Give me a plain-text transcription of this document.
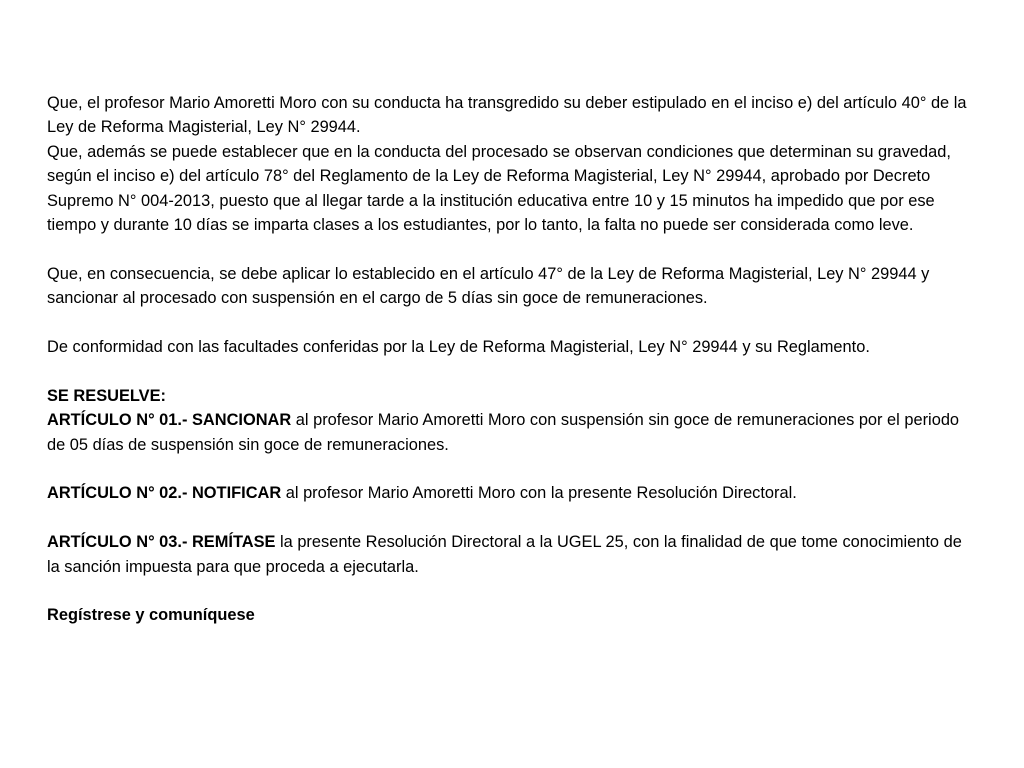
Que, el profesor Mario Amoretti Moro con su conducta ha transgredido su deber estipulado en el inciso e) del artículo 40° de la Ley de Reforma Magisterial, Ley N° 29944.

Que, además se puede establecer que en la conducta del procesado se observan condiciones que determinan su gravedad, según el inciso e) del artículo 78° del Reglamento de la Ley de Reforma Magisterial, Ley N° 29944, aprobado por Decreto Supremo N° 004-2013, puesto que al llegar tarde a la institución educativa entre 10 y 15 minutos ha impedido que por ese tiempo y durante 10 días se imparta clases a los estudiantes, por lo tanto, la falta no puede ser considerada como leve.

Que, en consecuencia, se debe aplicar lo establecido en el artículo 47° de la Ley de Reforma Magisterial, Ley N° 29944 y sancionar al procesado con suspensión en el cargo de 5 días sin goce de remuneraciones.

De conformidad con las facultades conferidas por la Ley de Reforma Magisterial, Ley N° 29944 y su Reglamento.

SE RESUELVE:

ARTÍCULO N° 01.- SANCIONAR al profesor Mario Amoretti Moro con suspensión sin goce de remuneraciones por el periodo de 05 días de suspensión sin goce de remuneraciones.

ARTÍCULO N° 02.- NOTIFICAR al profesor Mario Amoretti Moro con la presente Resolución Directoral.

ARTÍCULO N° 03.- REMÍTASE la presente Resolución Directoral a la UGEL 25, con la finalidad de que tome conocimiento de la sanción impuesta para que proceda a ejecutarla.

Regístrese y comuníquese
